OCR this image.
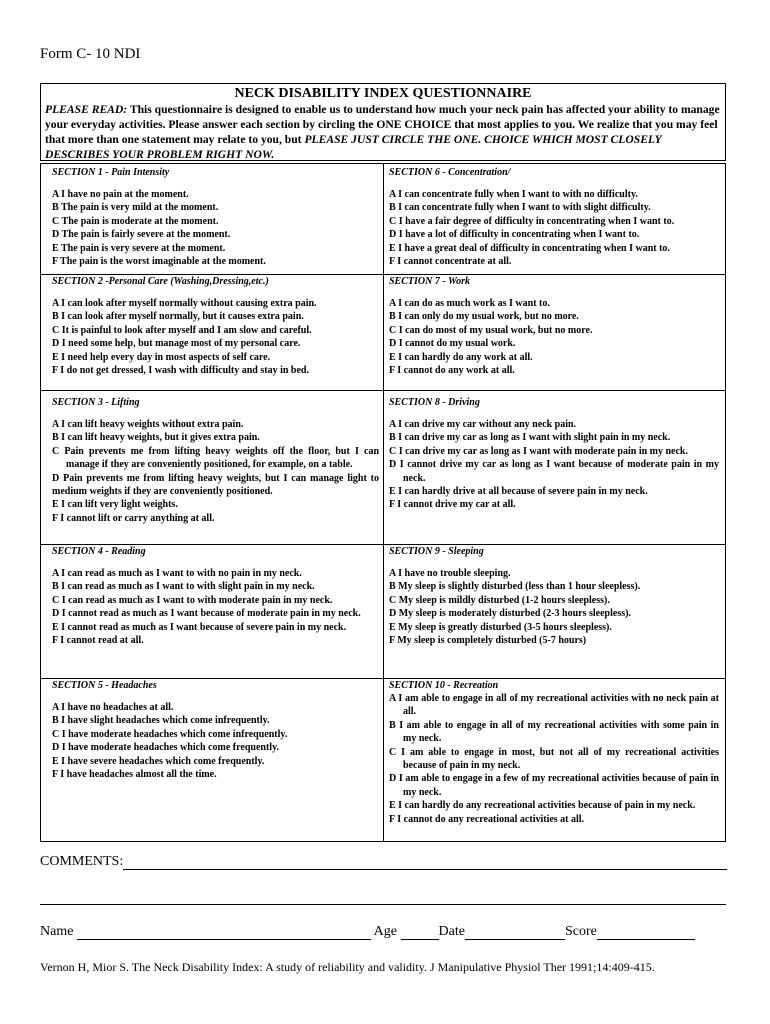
Form C- 10 NDI
NECK DISABILITY INDEX QUESTIONNAIRE
PLEASE READ: This questionnaire is designed to enable us to understand how much your neck pain has affected your ability to manage your everyday activities. Please answer each section by circling the ONE CHOICE that most applies to you. We realize that you may feel that more than one statement may relate to you, but PLEASE JUST CIRCLE THE ONE. CHOICE WHICH MOST CLOSELY DESCRIBES YOUR PROBLEM RIGHT NOW.
SECTION 1 - Pain Intensity
A I have no pain at the moment.
B The pain is very mild at the moment.
C The pain is moderate at the moment.
D The pain is fairly severe at the moment.
E The pain is very severe at the moment.
F The pain is the worst imaginable at the moment.
SECTION 2 -Personal Care (Washing,Dressing,etc.)
A I can look after myself normally without causing extra pain.
B I can look after myself normally, but it causes extra pain.
C It is painful to look after myself and I am slow and careful.
D I need some help, but manage most of my personal care.
E I need help every day in most aspects of self care.
F I do not get dressed, I wash with difficulty and stay in bed.
SECTION 3 - Lifting
A I can lift heavy weights without extra pain.
B I can lift heavy weights, but it gives extra pain.
C Pain prevents me from lifting heavy weights off the floor, but I can manage if they are conveniently positioned, for example, on a table.
D Pain prevents me from lifting heavy weights, but I can manage light to medium weights if they are conveniently positioned.
E I can lift very light weights.
F I cannot lift or carry anything at all.
SECTION 4 - Reading
A I can read as much as I want to with no pain in my neck.
B I can read as much as I want to with slight pain in my neck.
C I can read as much as I want to with moderate pain in my neck.
D I cannot read as much as I want because of moderate pain in my neck.
E I cannot read as much as I want because of severe pain in my neck.
F I cannot read at all.
SECTION 5 - Headaches
A I have no headaches at all.
B I have slight headaches which come infrequently.
C I have moderate headaches which come infrequently.
D I have moderate headaches which come frequently.
E I have severe headaches which come frequently.
F I have headaches almost all the time.
SECTION 6 - Concentration/
A I can concentrate fully when I want to with no difficulty.
B I can concentrate fully when I want to with slight difficulty.
C I have a fair degree of difficulty in concentrating when I want to.
D I have a lot of difficulty in concentrating when I want to.
E I have a great deal of difficulty in concentrating when I want to.
F I cannot concentrate at all.
SECTION 7 - Work
A I can do as much work as I want to.
B I can only do my usual work, but no more.
C I can do most of my usual work, but no more.
D I cannot do my usual work.
E I can hardly do any work at all.
F I cannot do any work at all.
SECTION 8 - Driving
A I can drive my car without any neck pain.
B I can drive my car as long as I want with slight pain in my neck.
C I can drive my car as long as I want with moderate pain in my neck.
D I cannot drive my car as long as I want because of moderate pain in my neck.
E I can hardly drive at all because of severe pain in my neck.
F I cannot drive my car at all.
SECTION 9 - Sleeping
A I have no trouble sleeping.
B My sleep is slightly disturbed (less than 1 hour sleepless).
C My sleep is mildly disturbed (1-2 hours sleepless).
D My sleep is moderately disturbed (2-3 hours sleepless).
E My sleep is greatly disturbed (3-5 hours sleepless).
F My sleep is completely disturbed (5-7 hours)
SECTION 10 - Recreation
A I am able to engage in all of my recreational activities with no neck pain at all.
B I am able to engage in all of my recreational activities with some pain in my neck.
C I am able to engage in most, but not all of my recreational activities because of pain in my neck.
D I am able to engage in a few of my recreational activities because of pain in my neck.
E I can hardly do any recreational activities because of pain in my neck.
F I cannot do any recreational activities at all.
COMMENTS:
Name	Age	Date	Score
Vernon H, Mior S. The Neck Disability Index: A study of reliability and validity. J Manipulative Physiol Ther 1991;14:409-415.
